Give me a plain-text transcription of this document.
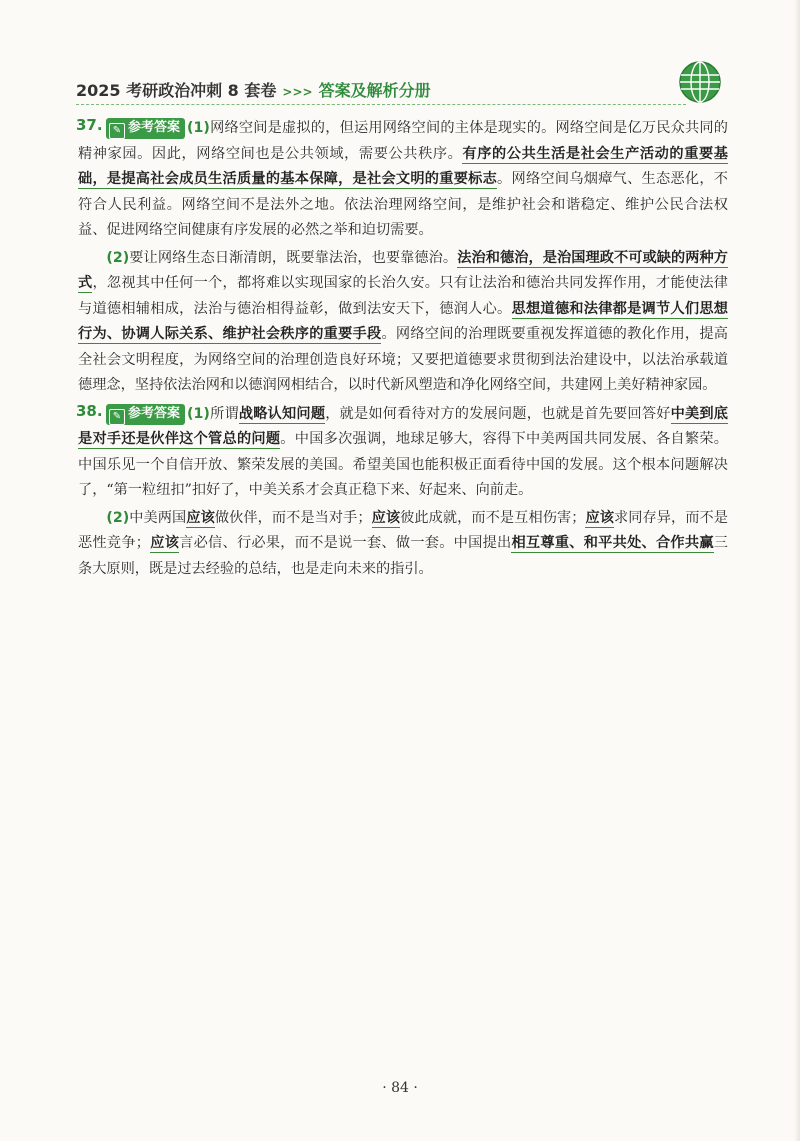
2025 考研政治冲刺 8 套卷 >>> 答案及解析分册
37.	✎ 参考答案 (1)网络空间是虚拟的，但运用网络空间的主体是现实的。网络空间是亿万民众共同的精神家园。因此，网络空间也是公共领域，需要公共秩序。有序的公共生活是社会生产活动的重要基础，是提高社会成员生活质量的基本保障，是社会文明的重要标志。网络空间乌烟瘴气、生态恶化，不符合人民利益。网络空间不是法外之地。依法治理网络空间，是维护社会和谐稳定、维护公民合法权益、促进网络空间健康有序发展的必然之举和迫切需要。

(2)要让网络生态日渐清朗，既要靠法治，也要靠德治。法治和德治，是治国理政不可或缺的两种方式，忽视其中任何一个，都将难以实现国家的长治久安。只有让法治和德治共同发挥作用，才能使法律与道德相辅相成，法治与德治相得益彰，做到法安天下，德润人心。思想道德和法律都是调节人们思想行为、协调人际关系、维护社会秩序的重要手段。网络空间的治理既要重视发挥道德的教化作用，提高全社会文明程度，为网络空间的治理创造良好环境；又要把道德要求贯彻到法治建设中，以法治承载道德理念，坚持依法治网和以德润网相结合，以时代新风塑造和净化网络空间，共建网上美好精神家园。

38.	✎ 参考答案 (1)所谓战略认知问题，就是如何看待对方的发展问题，也就是首先要回答好中美到底是对手还是伙伴这个管总的问题。中国多次强调，地球足够大，容得下中美两国共同发展、各自繁荣。中国乐见一个自信开放、繁荣发展的美国。希望美国也能积极正面看待中国的发展。这个根本问题解决了，“第一粒纽扣”扣好了，中美关系才会真正稳下来、好起来、向前走。

(2)中美两国应该做伙伴，而不是当对手；应该彼此成就，而不是互相伤害；应该求同存异，而不是恶性竞争；应该言必信、行必果，而不是说一套、做一套。中国提出相互尊重、和平共处、合作共赢三条大原则，既是过去经验的总结，也是走向未来的指引。

· 84 ·
